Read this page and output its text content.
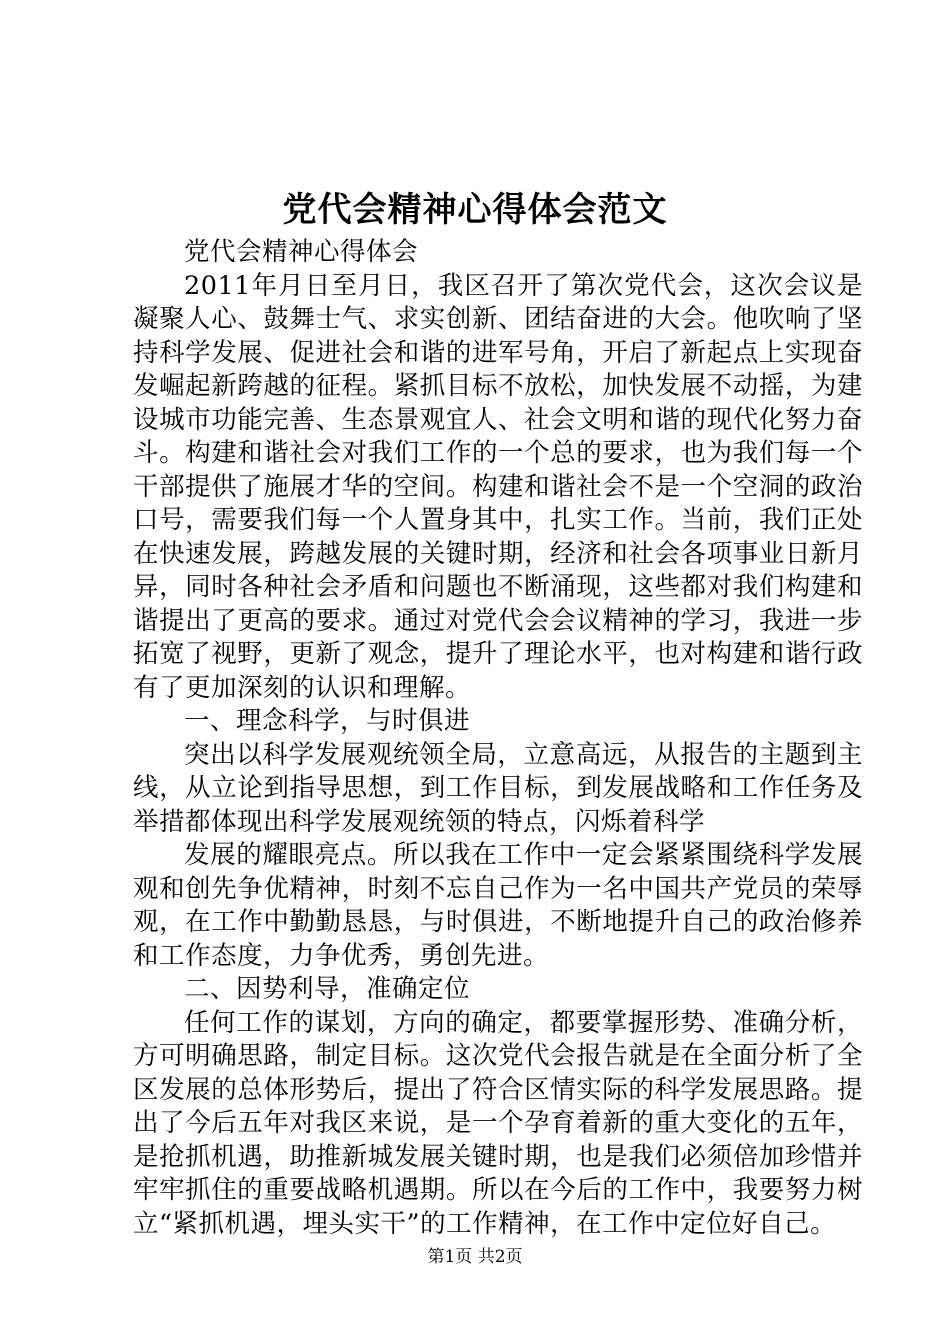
党代会精神心得体会范文

党代会精神心得体会

2011年月日至月日，我区召开了第次党代会，这次会议是凝聚人心、鼓舞士气、求实创新、团结奋进的大会。他吹响了坚持科学发展、促进社会和谐的进军号角，开启了新起点上实现奋发崛起新跨越的征程。紧抓目标不放松，加快发展不动摇，为建设城市功能完善、生态景观宜人、社会文明和谐的现代化努力奋斗。构建和谐社会对我们工作的一个总的要求，也为我们每一个干部提供了施展才华的空间。构建和谐社会不是一个空洞的政治口号，需要我们每一个人置身其中，扎实工作。当前，我们正处在快速发展，跨越发展的关键时期，经济和社会各项事业日新月异，同时各种社会矛盾和问题也不断涌现，这些都对我们构建和谐提出了更高的要求。通过对党代会会议精神的学习，我进一步拓宽了视野，更新了观念，提升了理论水平，也对构建和谐行政有了更加深刻的认识和理解。

一、理念科学，与时俱进

突出以科学发展观统领全局，立意高远，从报告的主题到主线，从立论到指导思想，到工作目标，到发展战略和工作任务及举措都体现出科学发展观统领的特点，闪烁着科学

发展的耀眼亮点。所以我在工作中一定会紧紧围绕科学发展观和创先争优精神，时刻不忘自己作为一名中国共产党员的荣辱观，在工作中勤勤恳恳，与时俱进，不断地提升自己的政治修养和工作态度，力争优秀，勇创先进。

二、因势利导，准确定位

任何工作的谋划，方向的确定，都要掌握形势、准确分析，方可明确思路，制定目标。这次党代会报告就是在全面分析了全区发展的总体形势后，提出了符合区情实际的科学发展思路。提出了今后五年对我区来说，是一个孕育着新的重大变化的五年，是抢抓机遇，助推新城发展关键时期，也是我们必须倍加珍惜并牢牢抓住的重要战略机遇期。所以在今后的工作中，我要努力树立“紧抓机遇，埋头实干”的工作精神，在工作中定位好自己。

第1页 共2页
